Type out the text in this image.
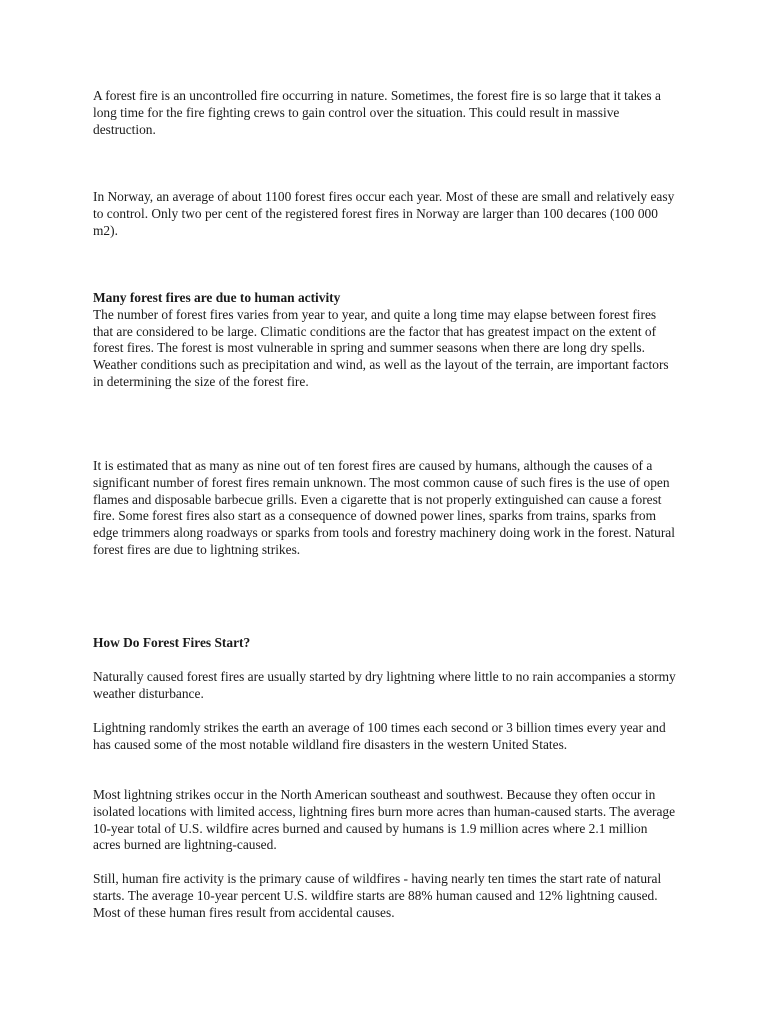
A forest fire is an uncontrolled fire occurring in nature. Sometimes, the forest fire is so large that it takes a long time for the fire fighting crews to gain control over the situation. This could result in massive destruction.

In Norway, an average of about 1100 forest fires occur each year. Most of these are small and relatively easy to control. Only two per cent of the registered forest fires in Norway are larger than 100 decares (100 000 m2).

Many forest fires are due to human activity
The number of forest fires varies from year to year, and quite a long time may elapse between forest fires that are considered to be large. Climatic conditions are the factor that has greatest impact on the extent of forest fires. The forest is most vulnerable in spring and summer seasons when there are long dry spells. Weather conditions such as precipitation and wind, as well as the layout of the terrain, are important factors in determining the size of the forest fire.

It is estimated that as many as nine out of ten forest fires are caused by humans, although the causes of a significant number of forest fires remain unknown. The most common cause of such fires is the use of open flames and disposable barbecue grills. Even a cigarette that is not properly extinguished can cause a forest fire. Some forest fires also start as a consequence of downed power lines, sparks from trains, sparks from edge trimmers along roadways or sparks from tools and forestry machinery doing work in the forest. Natural forest fires are due to lightning strikes.

How Do Forest Fires Start?

Naturally caused forest fires are usually started by dry lightning where little to no rain accompanies a stormy weather disturbance.

Lightning randomly strikes the earth an average of 100 times each second or 3 billion times every year and has caused some of the most notable wildland fire disasters in the western United States.

Most lightning strikes occur in the North American southeast and southwest. Because they often occur in isolated locations with limited access, lightning fires burn more acres than human-caused starts. The average 10-year total of U.S. wildfire acres burned and caused by humans is 1.9 million acres where 2.1 million acres burned are lightning-caused.

Still, human fire activity is the primary cause of wildfires - having nearly ten times the start rate of natural starts. The average 10-year percent U.S. wildfire starts are 88% human caused and 12% lightning caused. Most of these human fires result from accidental causes.
